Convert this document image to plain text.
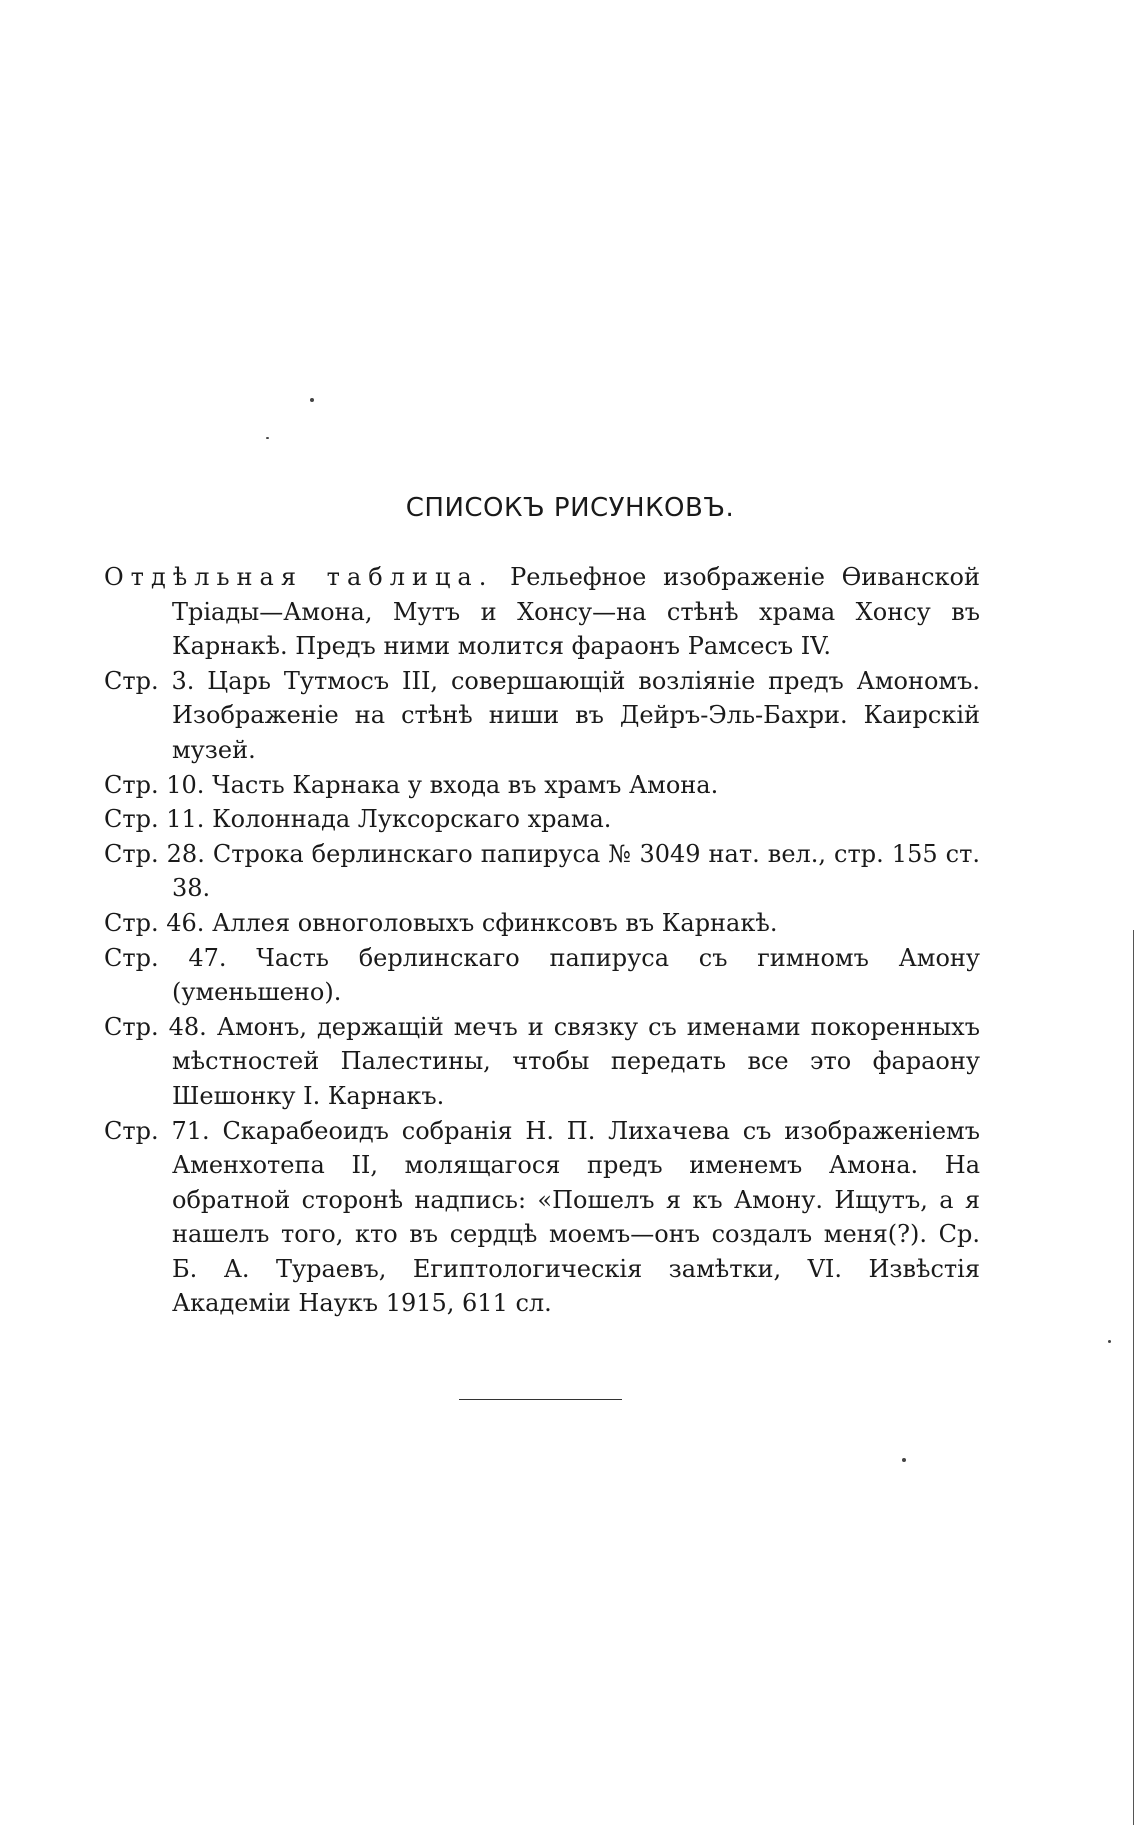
СПИСОКЪ РИСУНКОВЪ.
Отдѣльная таблица. Рельефное изображеніе Ѳиванской Тріады—Амона, Мутъ и Хонсу—на стѣнѣ храма Хонсу въ Карнакѣ. Предъ ними молится фараонъ Рамсесъ IV.
Стр. 3. Царь Тутмосъ III, совершающій возліяніе предъ Амономъ. Изображеніе на стѣнѣ ниши въ Дейръ-Эль-Бахри. Каирскій музей.
Стр. 10. Часть Карнака у входа въ храмъ Амона.
Стр. 11. Колоннада Луксорскаго храма.
Стр. 28. Строка берлинскаго папируса № 3049 нат. вел., стр. 155 ст. 38.
Стр. 46. Аллея овноголовыхъ сфинксовъ въ Карнакѣ.
Стр. 47. Часть берлинскаго папируса съ гимномъ Амону (уменьшено).
Стр. 48. Амонъ, держащій мечъ и связку съ именами покоренныхъ мѣстностей Палестины, чтобы передать все это фараону Шешонку I. Карнакъ.
Стр. 71. Скарабеоидъ собранія Н. П. Лихачева съ изображеніемъ Аменхотепа II, молящагося предъ именемъ Амона. На обратной сторонѣ надпись: «Пошелъ я къ Амону. Ищутъ, а я нашелъ того, кто въ сердцѣ моемъ—онъ создалъ меня(?). Ср. Б. А. Тураевъ, Египтологическія замѣтки, VI. Извѣстія Академіи Наукъ 1915, 611 сл.
